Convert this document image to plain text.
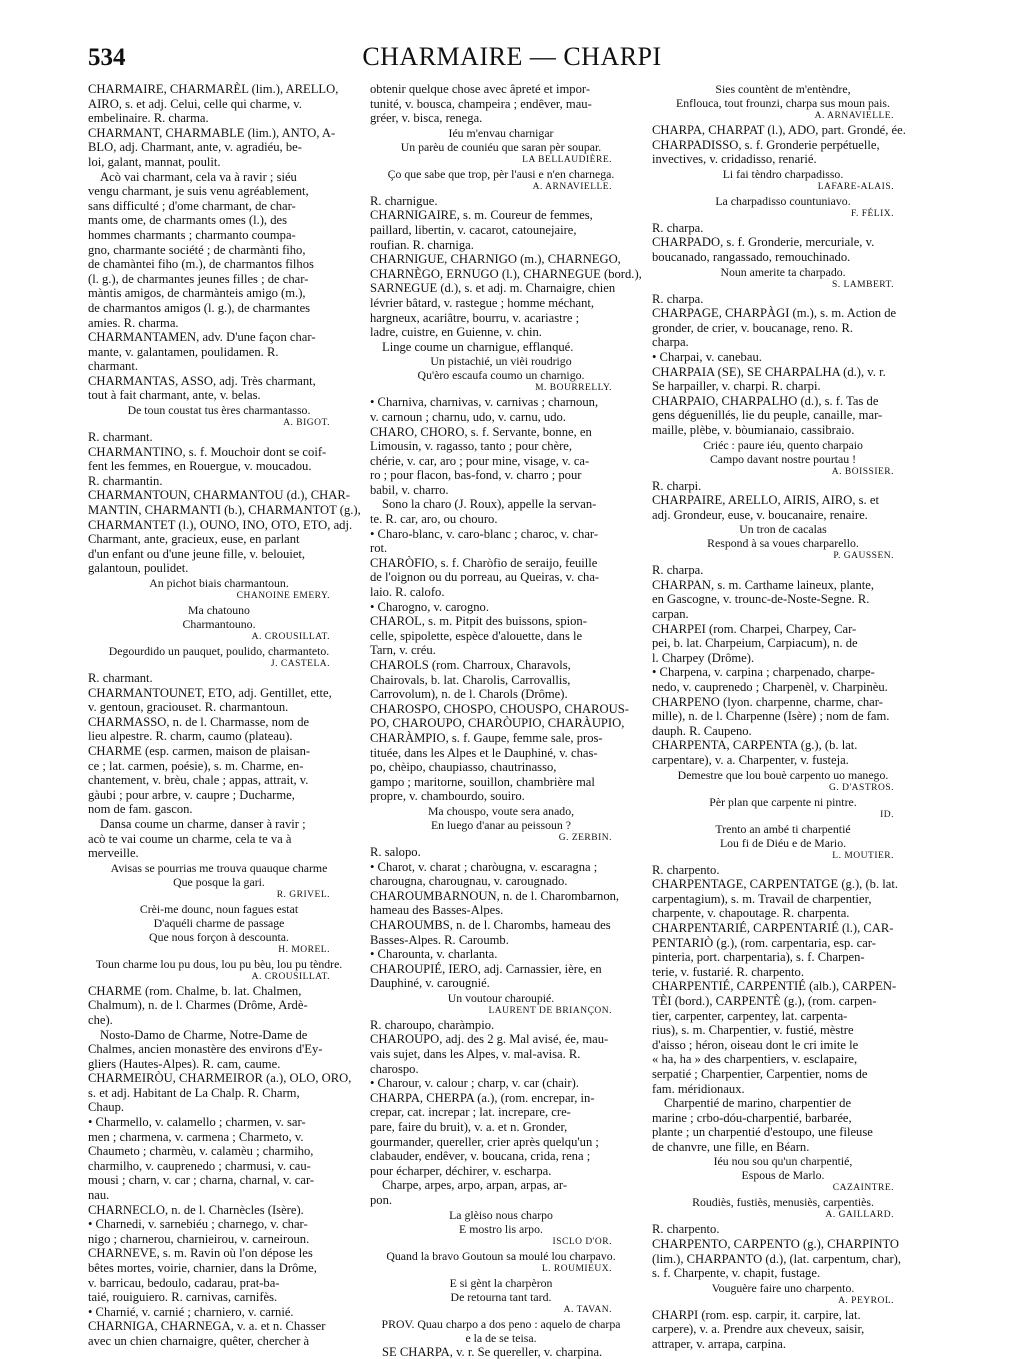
534	CHARMAIRE — CHARPI
CHARMAIRE, CHARMARÈL (lim.), ARELLO,
AIRO, s. et adj. Celui, celle qui charme, v.
embelinaire. R. charma.
CHARMANT, CHARMABLE (lim.), ANTO, A-
BLO, adj. Charmant, ante, v. agradiéu, be-
loi, galant, mannat, poulit.
Acò vai charmant, cela va à ravir ; siéu
vengu charmant, je suis venu agréablement,
sans difficulté ; d'ome charmant, de char-
mants ome, de charmants omes (l.), des
hommes charmants ; charmanto coumpa-
gno, charmante société ; de charmànti fiho,
de chamàntei fiho (m.), de charmantos filhos
(l. g.), de charmantes jeunes filles ; de char-
màntis amigos, de charmànteis amigo (m.),
de charmantos amigos (l. g.), de charmantes
amies. R. charma.
CHARMANTAMEN, adv. D'une façon char-
mante, v. galantamen, poulidamen. R.
charmant.
CHARMANTAS, ASSO, adj. Très charmant,
tout à fait charmant, ante, v. belas.
De toun coustat tus ères charmantasso.
A. BIGOT.
R. charmant.
CHARMANTINO, s. f. Mouchoir dont se coif-
fent les femmes, en Rouergue, v. moucadou.
R. charmantin.
CHARMANTOUN, CHARMANTOU (d.), CHAR-
MANTIN, CHARMANTI (b.), CHARMANTOT (g.),
CHARMANTET (l.), OUNO, INO, OTO, ETO, adj.
Charmant, ante, gracieux, euse, en parlant
d'un enfant ou d'une jeune fille, v. belouiet,
galantoun, poulidet.
An pichot biais charmantoun.
CHANOINE EMERY.
Ma chatouno
Charmantouno.
A. CROUSILLAT.
Degourdido un pauquet, poulido, charmanteto.
J. CASTELA.
R. charmant.
CHARMANTOUNET, ETO, adj. Gentillet, ette,
v. gentoun, graciouset. R. charmantoun.
CHARMASSO, n. de l. Charmasse, nom de
lieu alpestre. R. charm, caumo (plateau).
CHARME (esp. carmen, maison de plaisan-
ce ; lat. carmen, poésie), s. m. Charme, en-
chantement, v. brèu, chale ; appas, attrait, v.
gàubi ; pour arbre, v. caupre ; Ducharme,
nom de fam. gascon.
Dansa coume un charme, danser à ravir ;
acò te vai coume un charme, cela te va à
merveille.
Avisas se pourrias me trouva quauque charme
Que posque la gari.
R. GRIVEL.
Crèi-me dounc, noun fagues estat
D'aquéli charme de passage
Que nous forçon à descounta.
H. MOREL.
Toun charme lou pu dous, lou pu bèu, lou pu tèndre.
A. CROUSILLAT.
CHARME (rom. Chalme, b. lat. Chalmen,
Chalmum), n. de l. Charmes (Drôme, Ardè-
che).
Nosto-Damo de Charme, Notre-Dame de
Chalmes, ancien monastère des environs d'Ey-
gliers (Hautes-Alpes). R. cam, caume.
CHARMEIRÒU, CHARMEIROR (a.), OLO, ORO,
s. et adj. Habitant de La Chalp. R. Charm,
Chaup.
• Charmello, v. calamello ; charmen, v. sar-
men ; charmena, v. carmena ; Charmeto, v.
Chaumeto ; charmèu, v. calamèu ; charmiho,
charmilho, v. cauprenedo ; charmusi, v. cau-
mousi ; charn, v. car ; charna, charnal, v. car-
nau.
CHARNECLO, n. de l. Charnècles (Isère).
• Charnedi, v. sarnebiéu ; charnego, v. char-
nigo ; charnerou, charnieirou, v. carneiroun.
CHARNEVE, s. m. Ravin où l'on dépose les
bêtes mortes, voirie, charnier, dans la Drôme,
v. barricau, bedoulo, cadarau, prat-ba-
taié, rouiguiero. R. carnivas, carnifès.
• Charnié, v. carnié ; charniero, v. carnié.
CHARNIGA, CHARNEGA, v. a. et n. Chasser
avec un chien charnaigre, quêter, chercher à
obtenir quelque chose avec âpreté et impor-
tunité, v. bousca, champeira ; endêver, mau-
gréer, v. bisca, renega.
Iéu m'envau charnigar
Un parèu de couniéu que saran pèr soupar.
LA BELLAUDIÈRE.
Ço que sabe que trop, pèr l'ausi e n'en charnega.
A. ARNAVIELLE.
R. charnigue.
CHARNIGAIRE, s. m. Coureur de femmes,
paillard, libertin, v. cacarot, catounejaire,
roufian. R. charniga.
CHARNIGUE, CHARNIGO (m.), CHARNEGO,
CHARNÈGO, ERNUGO (l.), CHARNEGUE (bord.),
SARNEGUE (d.), s. et adj. m. Charnaigre, chien
lévrier bâtard, v. rastegue ; homme méchant,
hargneux, acariâtre, bourru, v. acariastre ;
ladre, cuistre, en Guienne, v. chin.
Linge coume un charnigue, efflanqué.
Un pistachié, un vièi roudrigo
Qu'èro escaufa coumo un charnigo.
M. BOURRELLY.
• Charniva, charnivas, v. carnivas ; charnoun,
v. carnoun ; charnu, udo, v. carnu, udo.
CHARO, CHORO, s. f. Servante, bonne, en
Limousin, v. ragasso, tanto ; pour chère,
chérie, v. car, aro ; pour mine, visage, v. ca-
ro ; pour flacon, bas-fond, v. charro ; pour
babil, v. charro.
Sono la charo (J. Roux), appelle la servan-
te. R. car, aro, ou chouro.
• Charo-blanc, v. caro-blanc ; charoc, v. char-
rot.
CHARÒFIO, s. f. Charòfio de seraijo, feuille
de l'oignon ou du porreau, au Queiras, v. cha-
laio. R. calofo.
• Charogno, v. carogno.
CHAROL, s. m. Pitpit des buissons, spion-
celle, spipolette, espèce d'alouette, dans le
Tarn, v. créu.
CHAROLS (rom. Charroux, Charavols,
Chairovals, b. lat. Charolis, Carrovallis,
Carrovolum), n. de l. Charols (Drôme).
CHAROSPO, CHOSPO, CHOUSPO, CHAROUS-
PO, CHAROUPO, CHARÒUPIO, CHARÀUPIO,
CHARÀMPIO, s. f. Gaupe, femme sale, pros-
tituée, dans les Alpes et le Dauphiné, v. chas-
po, chèipo, chaupiasso, chautrinasso,
gampo ; maritorne, souillon, chambrière mal
propre, v. chambourdo, souiro.
Ma chouspo, voute sera anado,
En luego d'anar au peissoun ?
G. ZERBIN.
R. salopo.
• Charot, v. charat ; charòugna, v. escaragna ;
charougna, charougnau, v. carougnado.
CHAROUMBARNOUN, n. de l. Charombarnon,
hameau des Basses-Alpes.
CHAROUMBS, n. de l. Charombs, hameau des
Basses-Alpes. R. Caroumb.
• Charounta, v. charlanta.
CHAROUPIÉ, IERO, adj. Carnassier, ière, en
Dauphiné, v. carougnié.
Un voutour charoupié.
LAURENT DE BRIANÇON.
R. charoupo, charàmpio.
CHAROUPO, adj. des 2 g. Mal avisé, ée, mau-
vais sujet, dans les Alpes, v. mal-avisa. R.
charospo.
• Charour, v. calour ; charp, v. car (chair).
CHARPA, CHERPA (a.), (rom. encrepar, in-
crepar, cat. increpar ; lat. increpare, cre-
pare, faire du bruit), v. a. et n. Gronder,
gourmander, quereller, crier après quelqu'un ;
clabauder, endêver, v. boucana, crida, rena ;
pour écharper, déchirer, v. escharpa.
Charpe, arpes, arpo, arpan, arpas, ar-
pon.
La glèiso nous charpo
E mostro lis arpo.
ISCLO D'OR.
Quand la bravo Goutoun sa moulé lou charpavo.
L. ROUMIEUX.
E si gènt la charpèron
De retourna tant tard.
A. TAVAN.
PROV. Quau charpo a dos peno : aquelo de charpa
e la de se teisa.
SE CHARPA, v. r. Se quereller, v. charpina.
Sies countènt de m'entèndre,
Enflouca, tout frounzi, charpa sus moun pais.
A. ARNAVIELLE.
CHARPA, CHARPAT (l.), ADO, part. Grondé, ée.
CHARPADISSO, s. f. Gronderie perpétuelle,
invectives, v. cridadisso, renarié.
Li fai tèndro charpadisso.
LAFARE-ALAIS.
La charpadisso countuniavo.
F. FÉLIX.
R. charpa.
CHARPADO, s. f. Gronderie, mercuriale, v.
boucanado, rangassado, remouchinado.
Noun amerite ta charpado.
S. LAMBERT.
R. charpa.
CHARPAGE, CHARPÀGI (m.), s. m. Action de
gronder, de crier, v. boucanage, reno. R.
charpa.
• Charpai, v. canebau.
CHARPAIA (SE), SE CHARPALHA (d.), v. r.
Se harpailler, v. charpi. R. charpi.
CHARPAIO, CHARPALHO (d.), s. f. Tas de
gens déguenillés, lie du peuple, canaille, mar-
maille, plèbe, v. bòumianaio, cassibraio.
Criéc : paure iéu, quento charpaio
Campo davant nostre pourtau !
A. BOISSIER.
R. charpi.
CHARPAIRE, ARELLO, AIRIS, AIRO, s. et
adj. Grondeur, euse, v. boucanaire, renaire.
Un tron de cacalas
Respond à sa voues charparello.
P. GAUSSEN.
R. charpa.
CHARPAN, s. m. Carthame laineux, plante,
en Gascogne, v. trounc-de-Noste-Segne. R.
carpan.
CHARPEI (rom. Charpei, Charpey, Car-
pei, b. lat. Charpeium, Carpiacum), n. de
l. Charpey (Drôme).
• Charpena, v. carpina ; charpenado, charpe-
nedo, v. cauprenedo ; Charpenèl, v. Charpinèu.
CHARPENO (lyon. charpenne, charme, char-
mille), n. de l. Charpenne (Isère) ; nom de fam.
dauph. R. Caupeno.
CHARPENTA, CARPENTA (g.), (b. lat.
carpentare), v. a. Charpenter, v. fusteja.
Demestre que lou bouè carpento uo manego.
G. D'ASTROS.
Pèr plan que carpente ni pintre.
ID.
Trento an ambé ti charpentié
Lou fi de Diéu e de Mario.
L. MOUTIER.
R. charpento.
CHARPENTAGE, CARPENTATGE (g.), (b. lat.
carpentagium), s. m. Travail de charpentier,
charpente, v. chapoutage. R. charpenta.
CHARPENTARIÉ, CARPENTARIÉ (l.), CAR-
PENTARIÒ (g.), (rom. carpentaria, esp. car-
pinteria, port. charpentaria), s. f. Charpen-
terie, v. fustarié. R. charpento.
CHARPENTIÉ, CARPENTIÉ (alb.), CARPEN-
TÈI (bord.), CARPENTÈ (g.), (rom. carpen-
tier, carpenter, carpentey, lat. carpenta-
rius), s. m. Charpentier, v. fustié, mèstre
d'aisso ; héron, oiseau dont le cri imite le
« ha, ha » des charpentiers, v. esclapaire,
serpatié ; Charpentier, Carpentier, noms de
fam. méridionaux.
Charpentié de marino, charpentier de
marine ; crbo-dóu-charpentié, barbarée,
plante ; un charpentié d'estoupo, une fileuse
de chanvre, une fille, en Béarn.
Iéu nou sou qu'un charpentié,
Espous de Marlo.
CAZAINTRE.
Roudiès, fustiès, menusiès, carpentiès.
A. GAILLARD.
R. charpento.
CHARPENTO, CARPENTO (g.), CHARPINTO
(lim.), CHARPANTO (d.), (lat. carpentum, char),
s. f. Charpente, v. chapit, fustage.
Vouguère faire uno charpento.
A. PEYROL.
CHARPI (rom. esp. carpir, it. carpire, lat.
carpere), v. a. Prendre aux cheveux, saisir,
attraper, v. arrapa, carpina.
